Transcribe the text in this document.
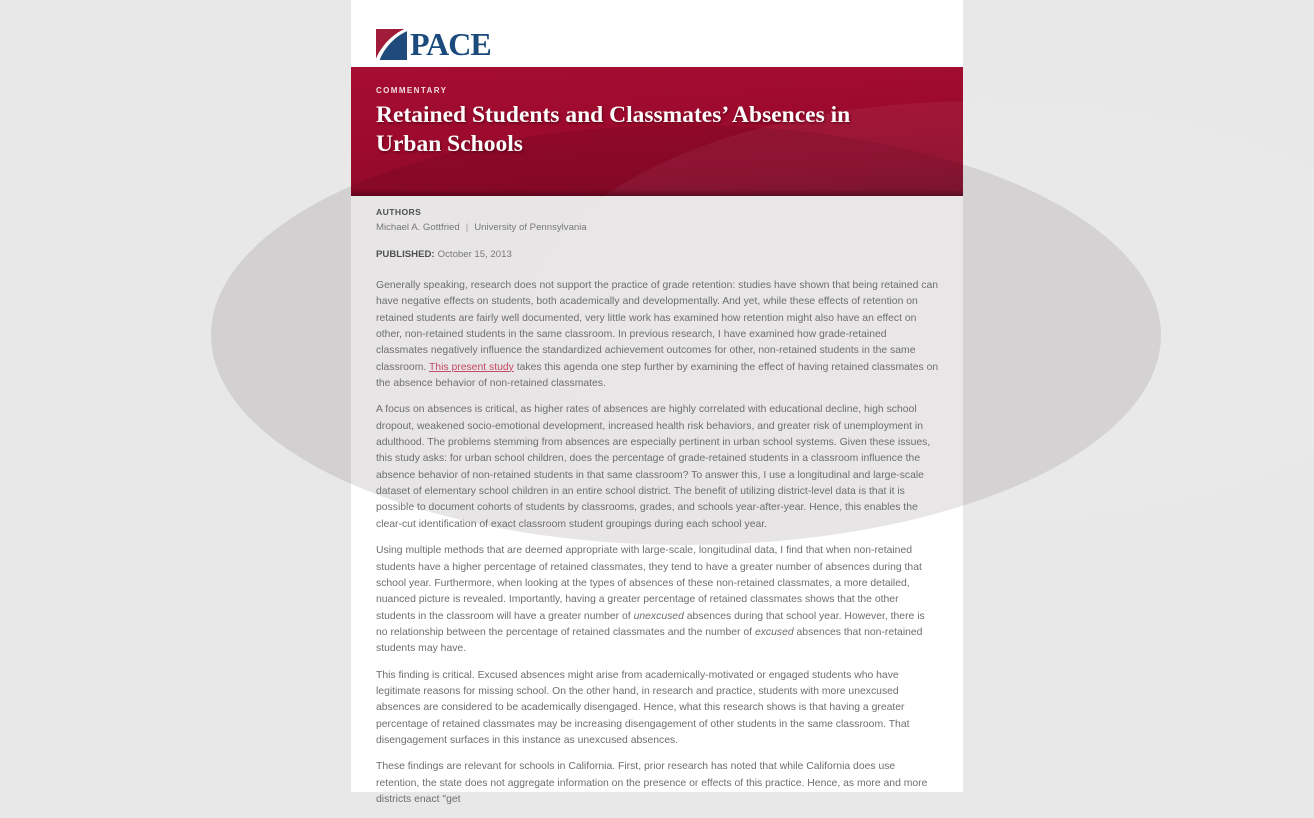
PACE
COMMENTARY
Retained Students and Classmates’ Absences in
Urban Schools
AUTHORS
Michael A. Gottfried | University of Pennsylvania
PUBLISHED: October 15, 2013

Generally speaking, research does not support the practice of grade retention: studies have shown that being retained can have negative effects on students, both academically and developmentally. And yet, while these effects of retention on retained students are fairly well documented, very little work has examined how retention might also have an effect on other, non-retained students in the same classroom. In previous research, I have examined how grade-retained classmates negatively influence the standardized achievement outcomes for other, non-retained students in the same classroom. This present study takes this agenda one step further by examining the effect of having retained classmates on the absence behavior of non-retained classmates.

A focus on absences is critical, as higher rates of absences are highly correlated with educational decline, high school dropout, weakened socio-emotional development, increased health risk behaviors, and greater risk of unemployment in adulthood. The problems stemming from absences are especially pertinent in urban school systems. Given these issues, this study asks: for urban school children, does the percentage of grade-retained students in a classroom influence the absence behavior of non-retained students in that same classroom? To answer this, I use a longitudinal and large-scale dataset of elementary school children in an entire school district. The benefit of utilizing district-level data is that it is possible to document cohorts of students by classrooms, grades, and schools year-after-year. Hence, this enables the clear-cut identification of exact classroom student groupings during each school year.

Using multiple methods that are deemed appropriate with large-scale, longitudinal data, I find that when non-retained students have a higher percentage of retained classmates, they tend to have a greater number of absences during that school year. Furthermore, when looking at the types of absences of these non-retained classmates, a more detailed, nuanced picture is revealed. Importantly, having a greater percentage of retained classmates shows that the other students in the classroom will have a greater number of unexcused absences during that school year. However, there is no relationship between the percentage of retained classmates and the number of excused absences that non-retained students may have.

This finding is critical. Excused absences might arise from academically-motivated or engaged students who have legitimate reasons for missing school. On the other hand, in research and practice, students with more unexcused absences are considered to be academically disengaged. Hence, what this research shows is that having a greater percentage of retained classmates may be increasing disengagement of other students in the same classroom. That disengagement surfaces in this instance as unexcused absences.

These findings are relevant for schools in California. First, prior research has noted that while California does use retention, the state does not aggregate information on the presence or effects of this practice. Hence, as more and more districts enact "get
